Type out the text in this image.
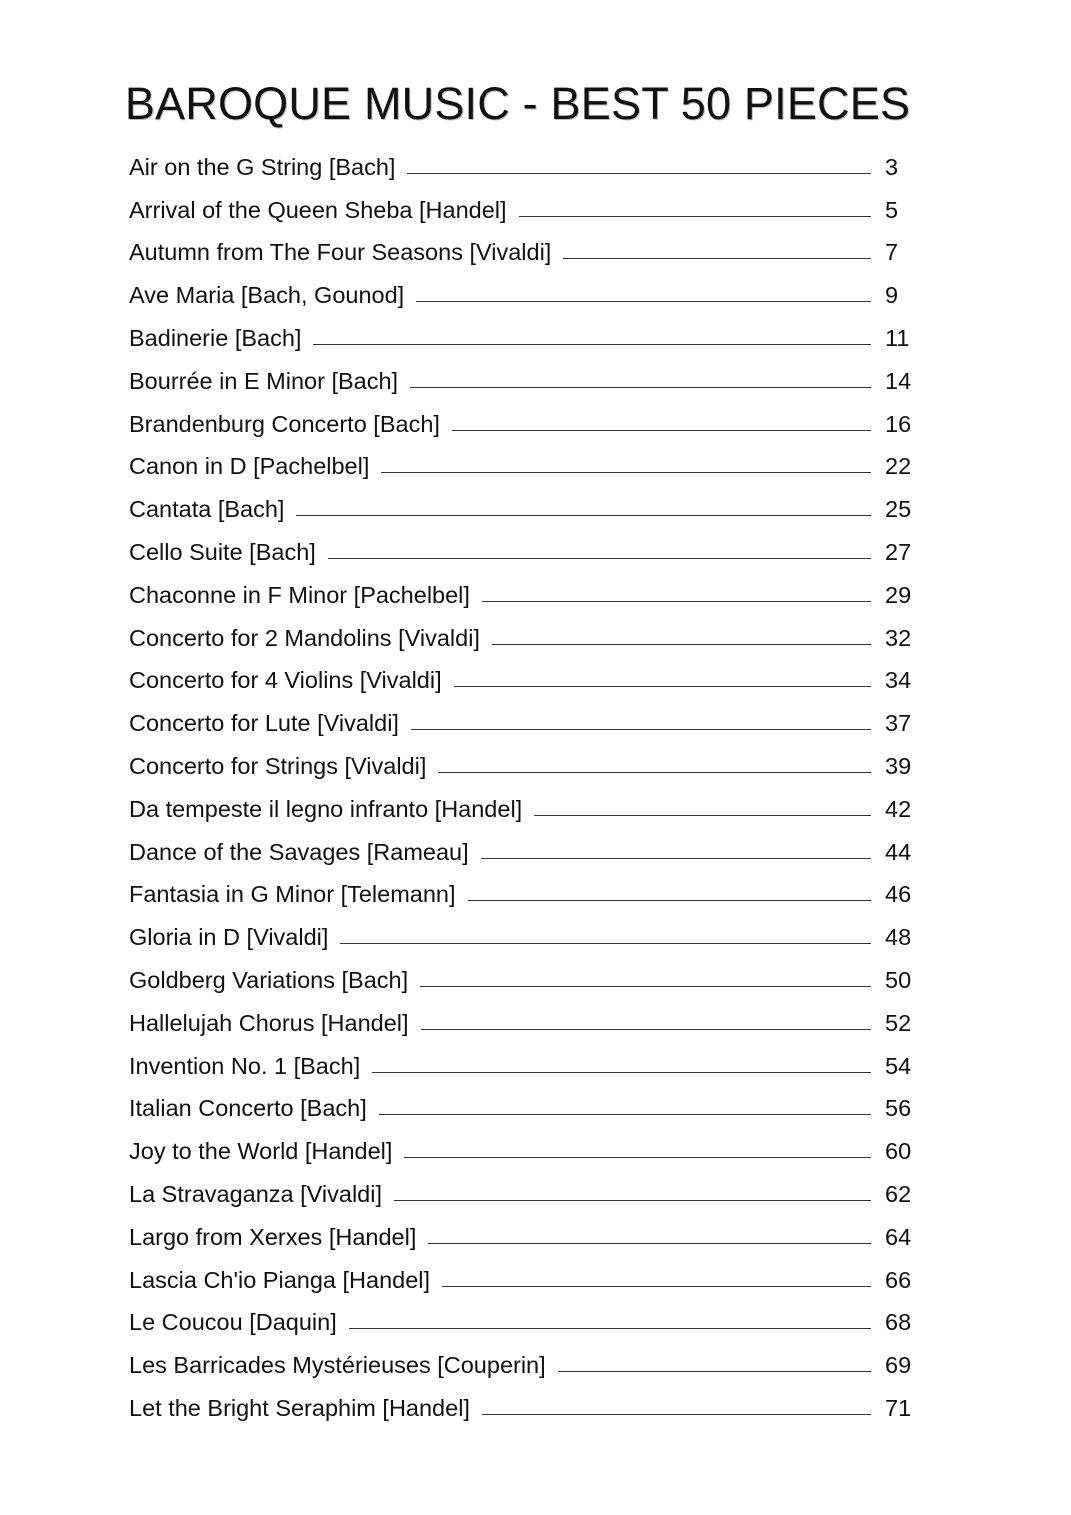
BAROQUE MUSIC - BEST 50 PIECES
Air on the G String [Bach]	3
Arrival of the Queen Sheba [Handel]	5
Autumn from The Four Seasons [Vivaldi]	7
Ave Maria [Bach, Gounod]	9
Badinerie [Bach]	11
Bourrée in E Minor [Bach]	14
Brandenburg Concerto [Bach]	16
Canon in D [Pachelbel]	22
Cantata [Bach]	25
Cello Suite [Bach]	27
Chaconne in F Minor [Pachelbel]	29
Concerto for 2 Mandolins [Vivaldi]	32
Concerto for 4 Violins [Vivaldi]	34
Concerto for Lute [Vivaldi]	37
Concerto for Strings [Vivaldi]	39
Da tempeste il legno infranto [Handel]	42
Dance of the Savages [Rameau]	44
Fantasia in G Minor [Telemann]	46
Gloria in D [Vivaldi]	48
Goldberg Variations [Bach]	50
Hallelujah Chorus [Handel]	52
Invention No. 1 [Bach]	54
Italian Concerto [Bach]	56
Joy to the World [Handel]	60
La Stravaganza [Vivaldi]	62
Largo from Xerxes [Handel]	64
Lascia Ch'io Pianga [Handel]	66
Le Coucou [Daquin]	68
Les Barricades Mystérieuses [Couperin]	69
Let the Bright Seraphim [Handel]	71
